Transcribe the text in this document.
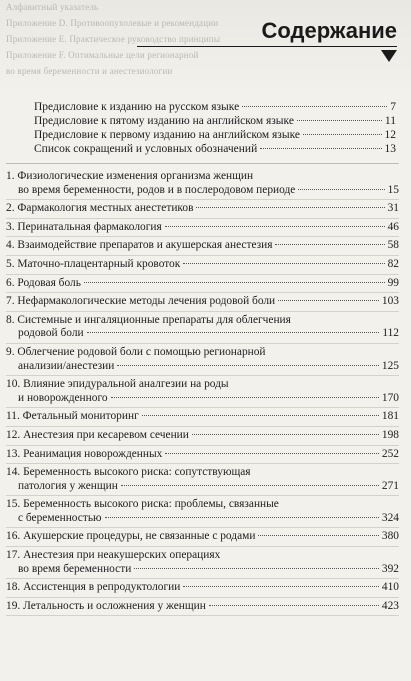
Алфавитный указатель
Приложение D. Противоопухолевые и рекомендации
Приложение E. Практическое руководство принципы
Приложение F. Оптимальные цели регионарной
во время беременности и анестезиологии
Содержание
Предисловие к изданию на русском языке	7
Предисловие к пятому изданию на английском языке	11
Предисловие к первому изданию на английском языке	12
Список сокращений и условных обозначений	13
1. Физиологические изменения организма женщин
во время беременности, родов и в послеродовом периоде	15
2. Фармакология местных анестетиков	31
3. Перинатальная фармакология	46
4. Взаимодействие препаратов и акушерская анестезия	58
5. Маточно-плацентарный кровоток	82
6. Родовая боль	99
7. Нефармакологические методы лечения родовой боли	103
8. Системные и ингаляционные препараты для облегчения
родовой боли	112
9. Облегчение родовой боли с помощью регионарной
анализии/анестезии	125
10. Влияние эпидуральной аналгезии на роды
и новорожденного	170
11. Фетальный мониторинг	181
12. Анестезия при кесаревом сечении	198
13. Реанимация новорожденных	252
14. Беременность высокого риска: сопутствующая
патология у женщин	271
15. Беременность высокого риска: проблемы, связанные
с беременностью	324
16. Акушерские процедуры, не связанные с родами	380
17. Анестезия при неакушерских операциях
во время беременности	392
18. Ассистенция в репродуктологии	410
19. Летальность и осложнения у женщин	423
